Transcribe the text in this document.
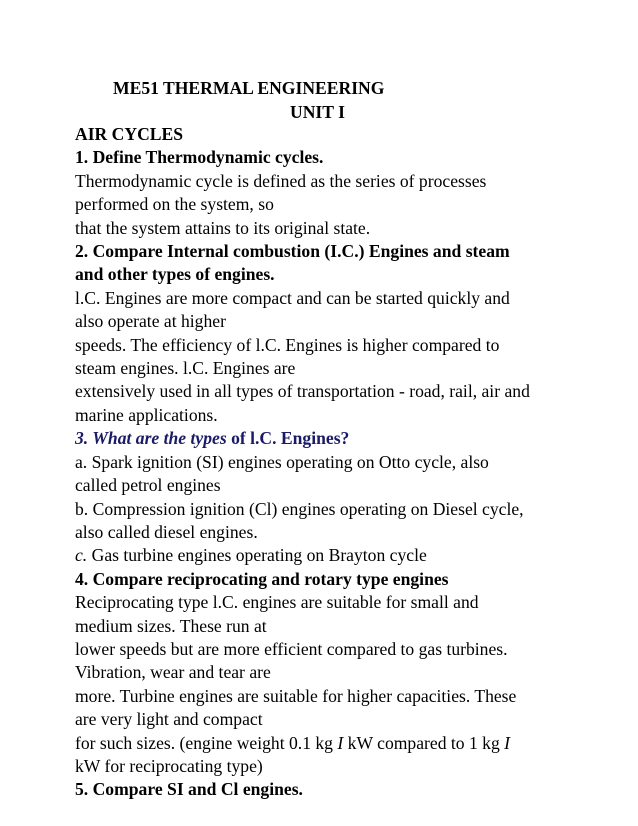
ME51 THERMAL ENGINEERING
UNIT I
AIR CYCLES
1. Define Thermodynamic cycles.
Thermodynamic cycle is defined as the series of processes
performed on the system, so
that the system attains to its original state.
2. Compare Internal combustion (I.C.) Engines and steam
and other types of engines.
l.C. Engines are more compact and can be started quickly and
also operate at higher
speeds. The efficiency of l.C. Engines is higher compared to
steam engines. l.C. Engines are
extensively used in all types of transportation - road, rail, air and
marine applications.
3. What are the types of l.C. Engines?
a. Spark ignition (SI) engines operating on Otto cycle, also
called petrol engines
b. Compression ignition (Cl) engines operating on Diesel cycle,
also called diesel engines.
c. Gas turbine engines operating on Brayton cycle
4. Compare reciprocating and rotary type engines
Reciprocating type l.C. engines are suitable for small and
medium sizes. These run at
lower speeds but are more efficient compared to gas turbines.
Vibration, wear and tear are
more. Turbine engines are suitable for higher capacities. These
are very light and compact
for such sizes. (engine weight 0.1 kg I kW compared to 1 kg I
kW for reciprocating type)
5. Compare SI and Cl engines.
